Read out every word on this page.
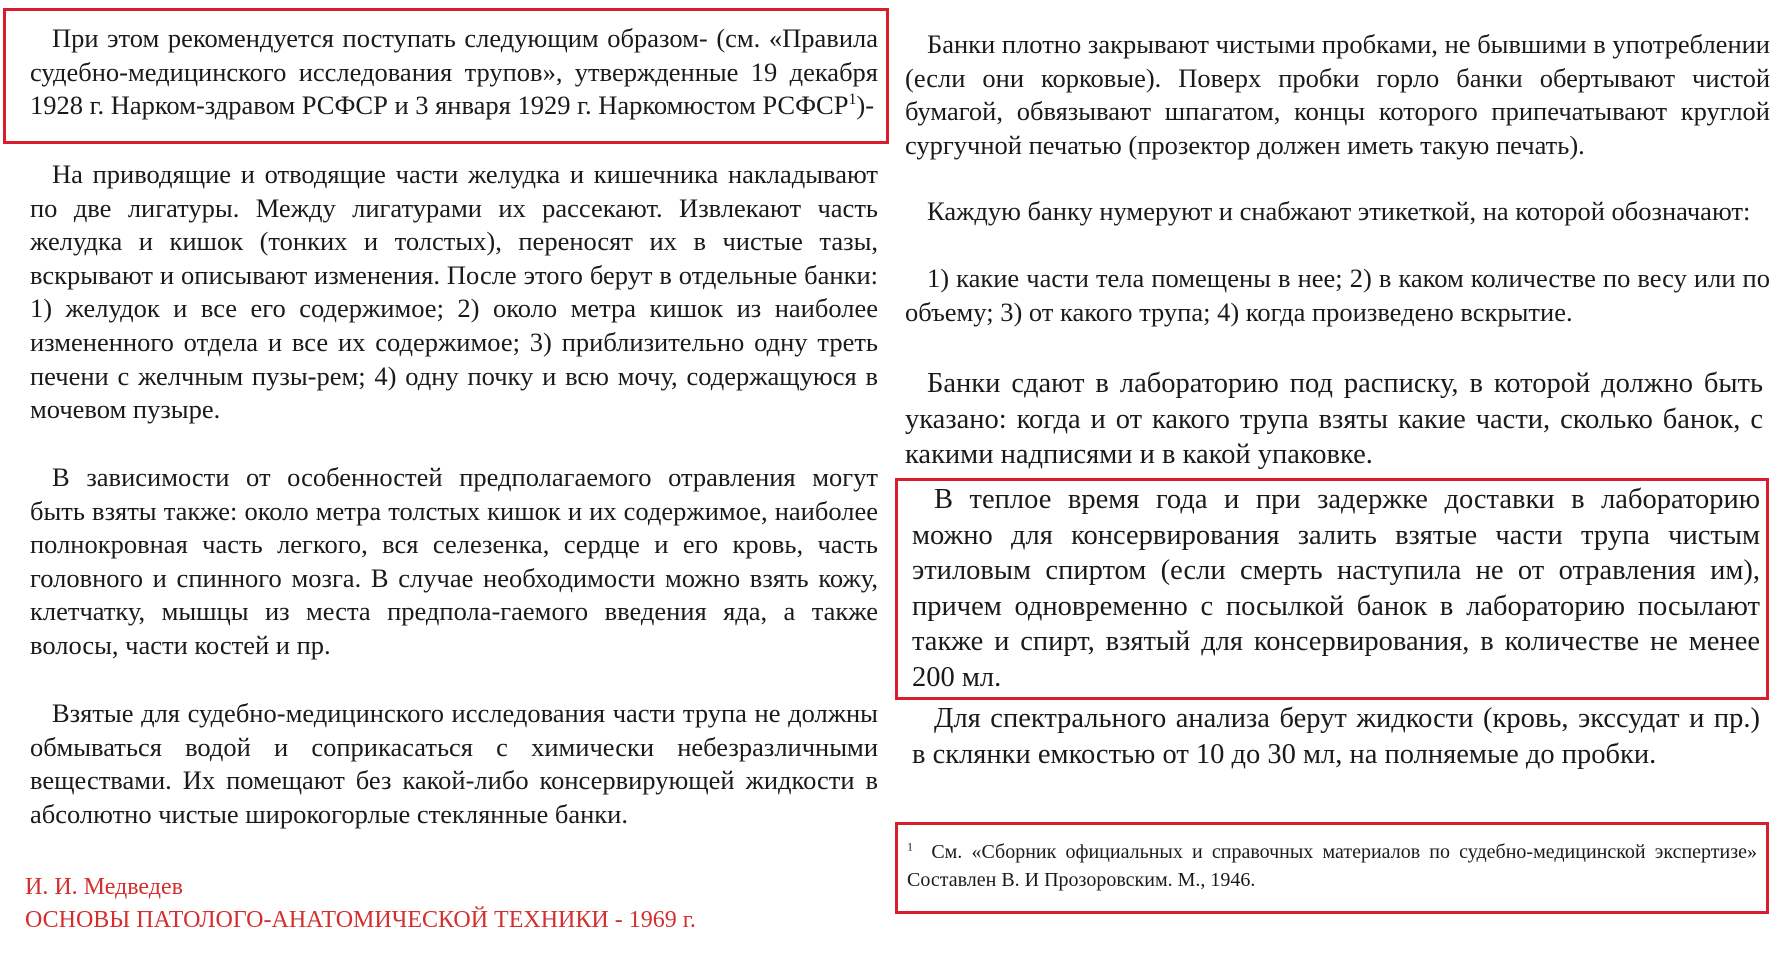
При этом рекомендуется поступать следующим образом- (см. «Правила судебно-медицинского исследования трупов», утвержденные 19 декабря 1928 г. Нарком-здравом РСФСР и 3 января 1929 г. Наркомюстом РСФСР$^1$)-

На приводящие и отводящие части желудка и кишечника накладывают по две лигатуры. Между лигатурами их рассекают. Извлекают часть желудка и кишок (тонких и толстых), переносят их в чистые тазы, вскрывают и описывают изменения. После этого берут в отдельные банки: 1) желудок и все его содержимое; 2) около метра кишок из наиболее измененного отдела и все их содержимое; 3) приблизительно одну треть печени с желчным пузы-рем; 4) одну почку и всю мочу, содержащуюся в мочевом пузыре.

В зависимости от особенностей предполагаемого отравления могут быть взяты также: около метра толстых кишок и их содержимое, наиболее полнокровная часть легкого, вся селезенка, сердце и его кровь, часть головного и спинного мозга. В случае необходимости можно взять кожу, клетчатку, мышцы из места предпола-гаемого введения яда, а также волосы, части костей и пр.

Взятые для судебно-медицинского исследования части трупа не должны обмываться водой и соприкасаться с химически небезразличными веществами. Их помещают без какой-либо консервирующей жидкости в абсолютно чистые широкогорлые стеклянные банки.

И. И. Медведев

ОСНОВЫ ПАТОЛОГО-АНАТОМИЧЕСКОЙ ТЕХНИКИ - 1969 г.

Банки плотно закрывают чистыми пробками, не бывшими в употреблении (если они корковые). Поверх пробки горло банки обертывают чистой бумагой, обвязывают шпагатом, концы которого припечатывают круглой сургучной печатью (прозектор должен иметь такую печать).

Каждую банку нумеруют и снабжают этикеткой, на которой обозначают:

1) какие части тела помещены в нее; 2) в каком количестве по весу или по объему; 3) от какого трупа; 4) когда произведено вскрытие.

Банки сдают в лабораторию под расписку, в которой должно быть указано: когда и от какого трупа взяты какие части, сколько банок, с какими надписями и в какой упаковке.

В теплое время года и при задержке доставки в лабораторию можно для консервирования залить взятые части трупа чистым этиловым спиртом (если смерть наступила не от отравления им), причем одновременно с посылкой банок в лабораторию посылают также и спирт, взятый для консервирования, в количестве не менее 200 мл.

Для спектрального анализа берут жидкости (кровь, экссудат и пр.) в склянки емкостью от 10 до 30 мл, на полняемые до пробки.

$^1$ См. «Сборник официальных и справочных материалов по судебно-медицинской экспертизе» Составлен В. И Прозоровским. М., 1946.
